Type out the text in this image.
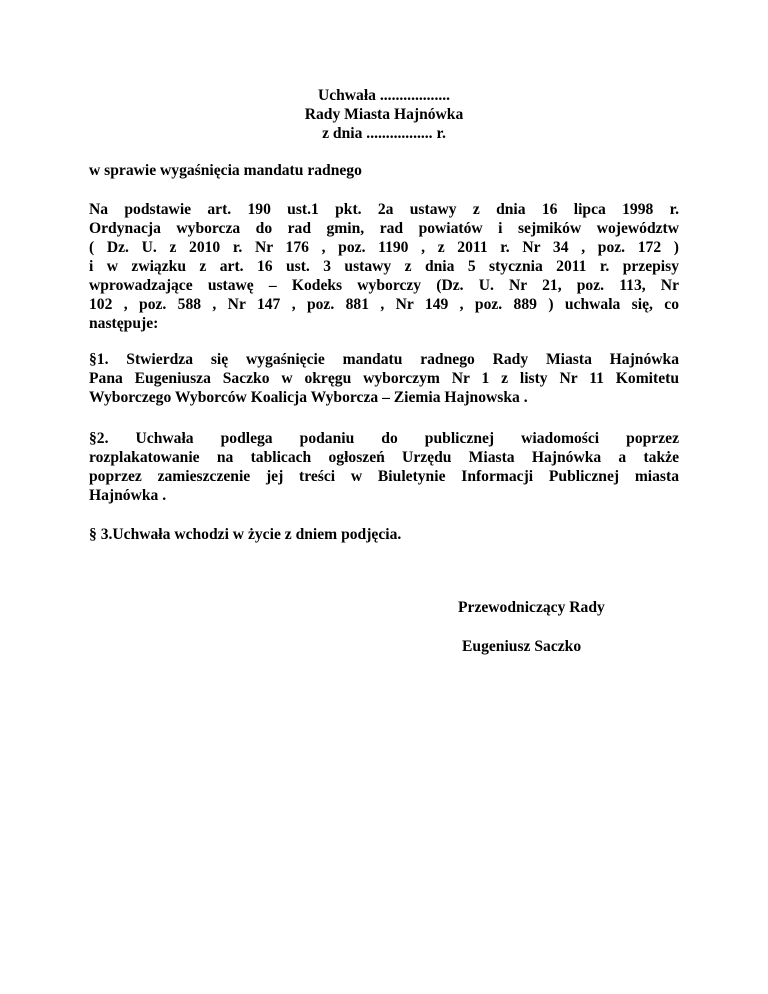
Uchwała ..................
Rady Miasta Hajnówka
z dnia ................. r.
w sprawie wygaśnięcia mandatu radnego
Na podstawie art. 190 ust.1 pkt. 2a ustawy z dnia 16 lipca 1998 r.
Ordynacja wyborcza do rad gmin, rad powiatów i sejmików województw
( Dz. U. z 2010 r. Nr 176 , poz. 1190 , z 2011 r. Nr 34 , poz. 172 )
i w związku z art. 16 ust. 3 ustawy z dnia 5 stycznia 2011 r. przepisy
wprowadzające ustawę – Kodeks wyborczy (Dz. U. Nr 21, poz. 113, Nr
102 , poz. 588 , Nr 147 , poz. 881 , Nr 149 , poz. 889 ) uchwala się, co
następuje:
§1. Stwierdza się wygaśnięcie mandatu radnego Rady Miasta Hajnówka
Pana Eugeniusza Saczko w okręgu wyborczym Nr 1 z listy Nr 11 Komitetu
Wyborczego Wyborców Koalicja Wyborcza – Ziemia Hajnowska .
§2. Uchwała podlega podaniu do publicznej wiadomości poprzez
rozplakatowanie na tablicach ogłoszeń Urzędu Miasta Hajnówka a także
poprzez zamieszczenie jej treści w Biuletynie Informacji Publicznej miasta
Hajnówka .
§ 3.Uchwała wchodzi w życie z dniem podjęcia.
Przewodniczący Rady
Eugeniusz Saczko
